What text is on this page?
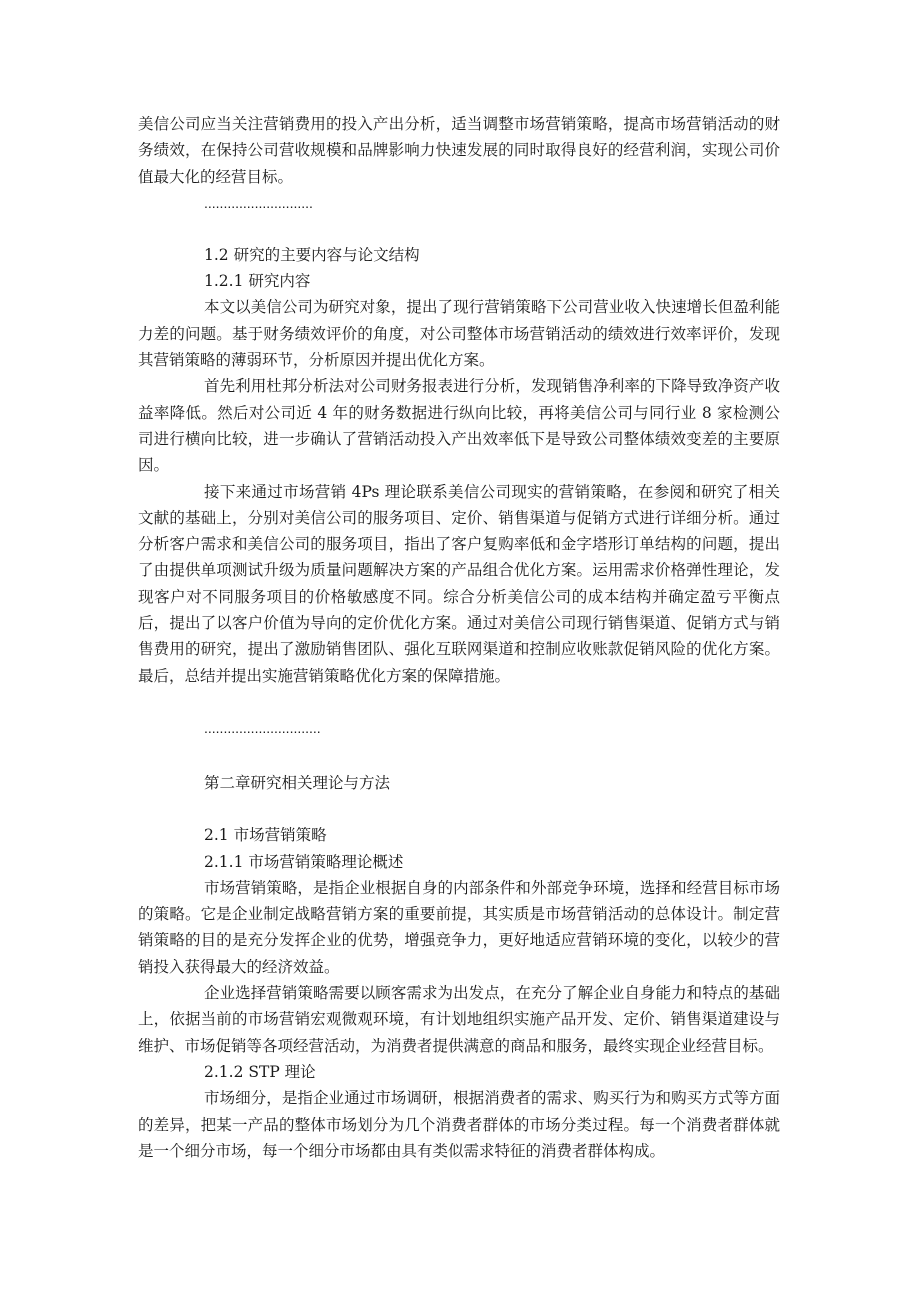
美信公司应当关注营销费用的投入产出分析，适当调整市场营销策略，提高市场营销活动的财务绩效，在保持公司营收规模和品牌影响力快速发展的同时取得良好的经营利润，实现公司价值最大化的经营目标。

............................

1.2 研究的主要内容与论文结构

1.2.1 研究内容

本文以美信公司为研究对象，提出了现行营销策略下公司营业收入快速增长但盈利能力差的问题。基于财务绩效评价的角度，对公司整体市场营销活动的绩效进行效率评价，发现其营销策略的薄弱环节，分析原因并提出优化方案。

首先利用杜邦分析法对公司财务报表进行分析，发现销售净利率的下降导致净资产收益率降低。然后对公司近 4 年的财务数据进行纵向比较，再将美信公司与同行业 8 家检测公司进行横向比较，进一步确认了营销活动投入产出效率低下是导致公司整体绩效变差的主要原因。

接下来通过市场营销 4Ps 理论联系美信公司现实的营销策略，在参阅和研究了相关文献的基础上，分别对美信公司的服务项目、定价、销售渠道与促销方式进行详细分析。通过分析客户需求和美信公司的服务项目，指出了客户复购率低和金字塔形订单结构的问题，提出了由提供单项测试升级为质量问题解决方案的产品组合优化方案。运用需求价格弹性理论，发现客户对不同服务项目的价格敏感度不同。综合分析美信公司的成本结构并确定盈亏平衡点后，提出了以客户价值为导向的定价优化方案。通过对美信公司现行销售渠道、促销方式与销售费用的研究，提出了激励销售团队、强化互联网渠道和控制应收账款促销风险的优化方案。最后，总结并提出实施营销策略优化方案的保障措施。

..............................

第二章研究相关理论与方法

2.1 市场营销策略

2.1.1 市场营销策略理论概述

市场营销策略，是指企业根据自身的内部条件和外部竞争环境，选择和经营目标市场的策略。它是企业制定战略营销方案的重要前提，其实质是市场营销活动的总体设计。制定营销策略的目的是充分发挥企业的优势，增强竞争力，更好地适应营销环境的变化，以较少的营销投入获得最大的经济效益。

企业选择营销策略需要以顾客需求为出发点，在充分了解企业自身能力和特点的基础上，依据当前的市场营销宏观微观环境，有计划地组织实施产品开发、定价、销售渠道建设与维护、市场促销等各项经营活动，为消费者提供满意的商品和服务，最终实现企业经营目标。

2.1.2 STP 理论

市场细分，是指企业通过市场调研，根据消费者的需求、购买行为和购买方式等方面的差异，把某一产品的整体市场划分为几个消费者群体的市场分类过程。每一个消费者群体就是一个细分市场，每一个细分市场都由具有类似需求特征的消费者群体构成。
